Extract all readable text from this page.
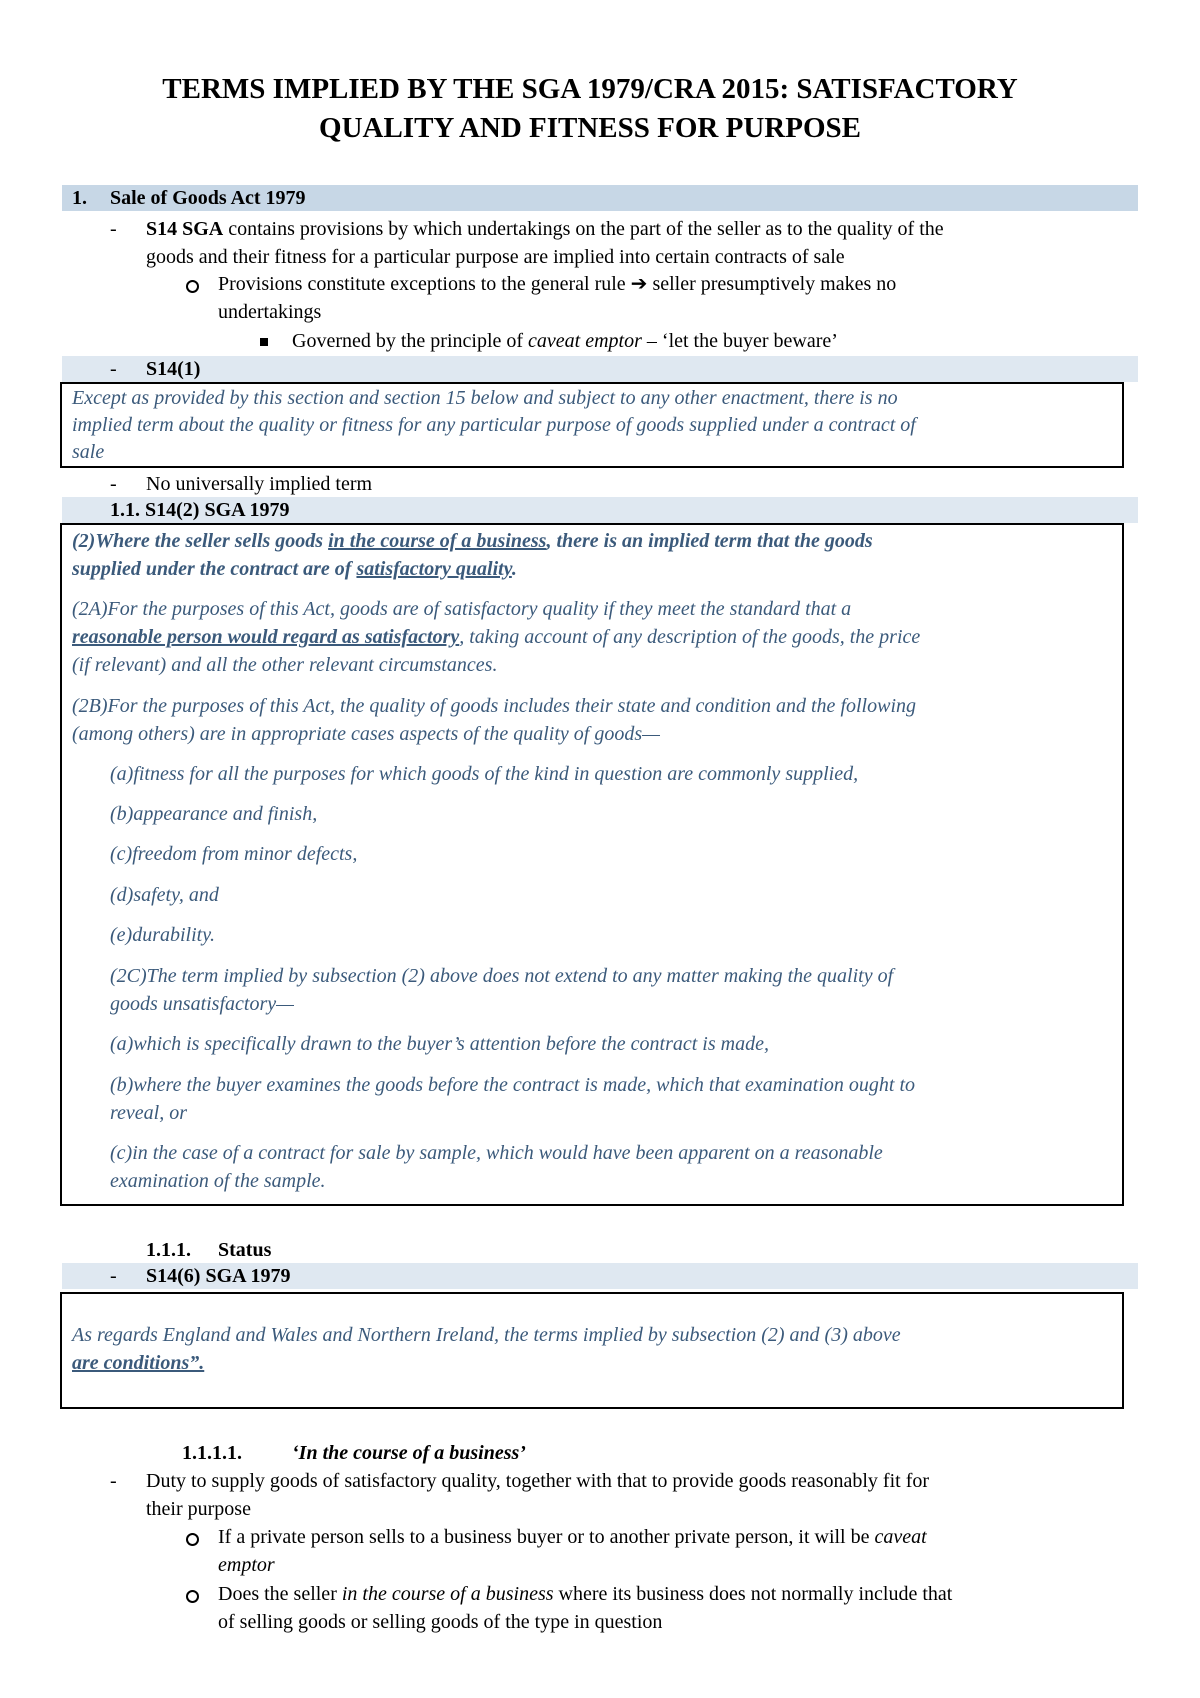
TERMS IMPLIED BY THE SGA 1979/CRA 2015: SATISFACTORY
QUALITY AND FITNESS FOR PURPOSE
1. Sale of Goods Act 1979
- S14 SGA contains provisions by which undertakings on the part of the seller as to the quality of the
goods and their fitness for a particular purpose are implied into certain contracts of sale
Provisions constitute exceptions to the general rule ➔ seller presumptively makes no
undertakings
Governed by the principle of caveat emptor – ‘let the buyer beware’
- S14(1)
Except as provided by this section and section 15 below and subject to any other enactment, there is no
implied term about the quality or fitness for any particular purpose of goods supplied under a contract of
sale
- No universally implied term
1.1. S14(2) SGA 1979
(2)Where the seller sells goods in the course of a business, there is an implied term that the goods
supplied under the contract are of satisfactory quality.
(2A)For the purposes of this Act, goods are of satisfactory quality if they meet the standard that a
reasonable person would regard as satisfactory, taking account of any description of the goods, the price
(if relevant) and all the other relevant circumstances.
(2B)For the purposes of this Act, the quality of goods includes their state and condition and the following
(among others) are in appropriate cases aspects of the quality of goods—
(a)fitness for all the purposes for which goods of the kind in question are commonly supplied,
(b)appearance and finish,
(c)freedom from minor defects,
(d)safety, and
(e)durability.
(2C)The term implied by subsection (2) above does not extend to any matter making the quality of
goods unsatisfactory—
(a)which is specifically drawn to the buyer’s attention before the contract is made,
(b)where the buyer examines the goods before the contract is made, which that examination ought to
reveal, or
(c)in the case of a contract for sale by sample, which would have been apparent on a reasonable
examination of the sample.
1.1.1. Status
- S14(6) SGA 1979
As regards England and Wales and Northern Ireland, the terms implied by subsection (2) and (3) above
are conditions”.
1.1.1.1.	‘In the course of a business’
- Duty to supply goods of satisfactory quality, together with that to provide goods reasonably fit for
their purpose
If a private person sells to a business buyer or to another private person, it will be caveat
emptor
Does the seller in the course of a business where its business does not normally include that
of selling goods or selling goods of the type in question
